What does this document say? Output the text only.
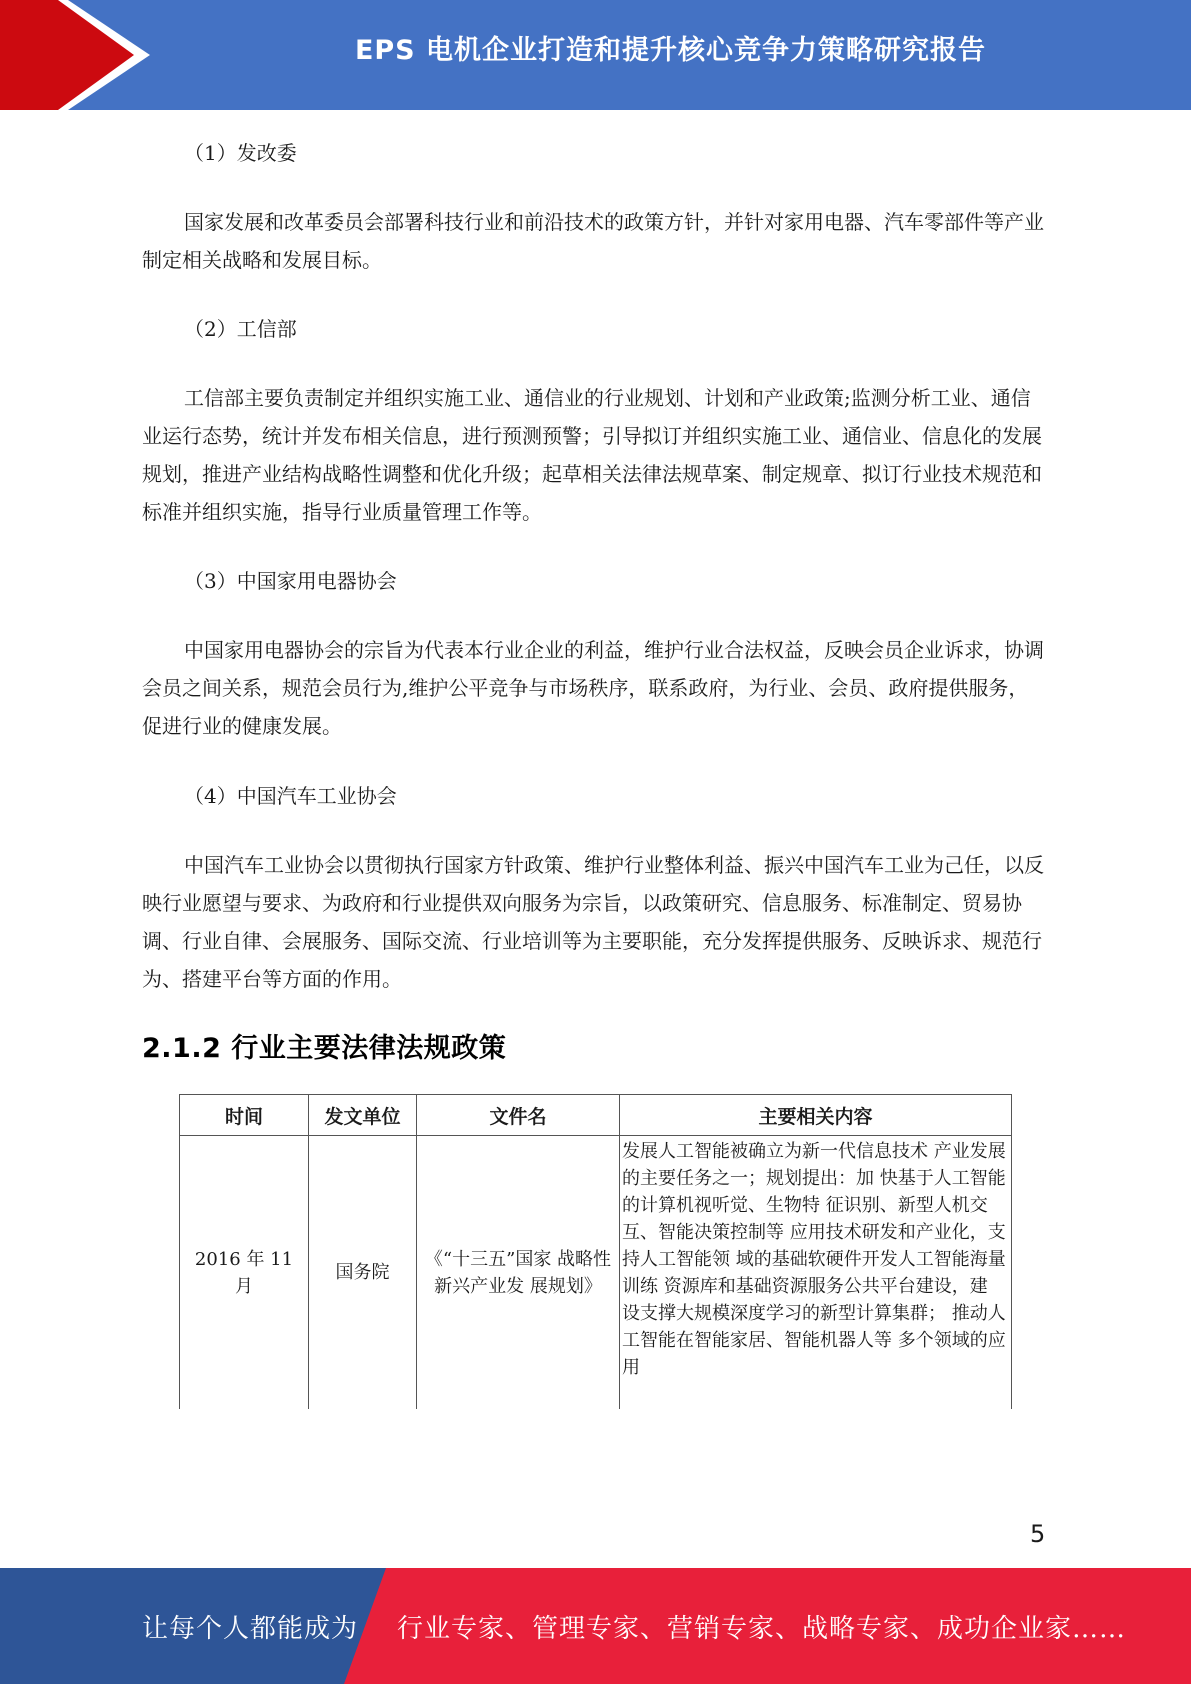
EPS 电机企业打造和提升核心竞争力策略研究报告

（1）发改委

国家发展和改革委员会部署科技行业和前沿技术的政策方针，并针对家用电器、汽车零部件等产业制定相关战略和发展目标。

（2）工信部

工信部主要负责制定并组织实施工业、通信业的行业规划、计划和产业政策;监测分析工业、通信业运行态势，统计并发布相关信息，进行预测预警；引导拟订并组织实施工业、通信业、信息化的发展规划，推进产业结构战略性调整和优化升级；起草相关法律法规草案、制定规章、拟订行业技术规范和标准并组织实施，指导行业质量管理工作等。

（3）中国家用电器协会

中国家用电器协会的宗旨为代表本行业企业的利益，维护行业合法权益，反映会员企业诉求，协调会员之间关系，规范会员行为,维护公平竞争与市场秩序，联系政府，为行业、会员、政府提供服务，促进行业的健康发展。

（4）中国汽车工业协会

中国汽车工业协会以贯彻执行国家方针政策、维护行业整体利益、振兴中国汽车工业为己任，以反映行业愿望与要求、为政府和行业提供双向服务为宗旨，以政策研究、信息服务、标准制定、贸易协调、行业自律、会展服务、国际交流、行业培训等为主要职能，充分发挥提供服务、反映诉求、规范行为、搭建平台等方面的作用。

2.1.2 行业主要法律法规政策
时间	发文单位	文件名	主要相关内容
2016 年 11 月	国务院	《“十三五”国家 战略性新兴产业发 展规划》	发展人工智能被确立为新一代信息技术 产业发展的主要任务之一；规划提出：加 快基于人工智能的计算机视听觉、生物特 征识别、新型人机交互、智能决策控制等 应用技术研发和产业化，支持人工智能领 域的基础软硬件开发人工智能海量训练 资源库和基础资源服务公共平台建设，建 设支撑大规模深度学习的新型计算集群； 推动人工智能在智能家居、智能机器人等 多个领域的应用
5
让每个人都能成为 行业专家、管理专家、营销专家、战略专家、成功企业家……
